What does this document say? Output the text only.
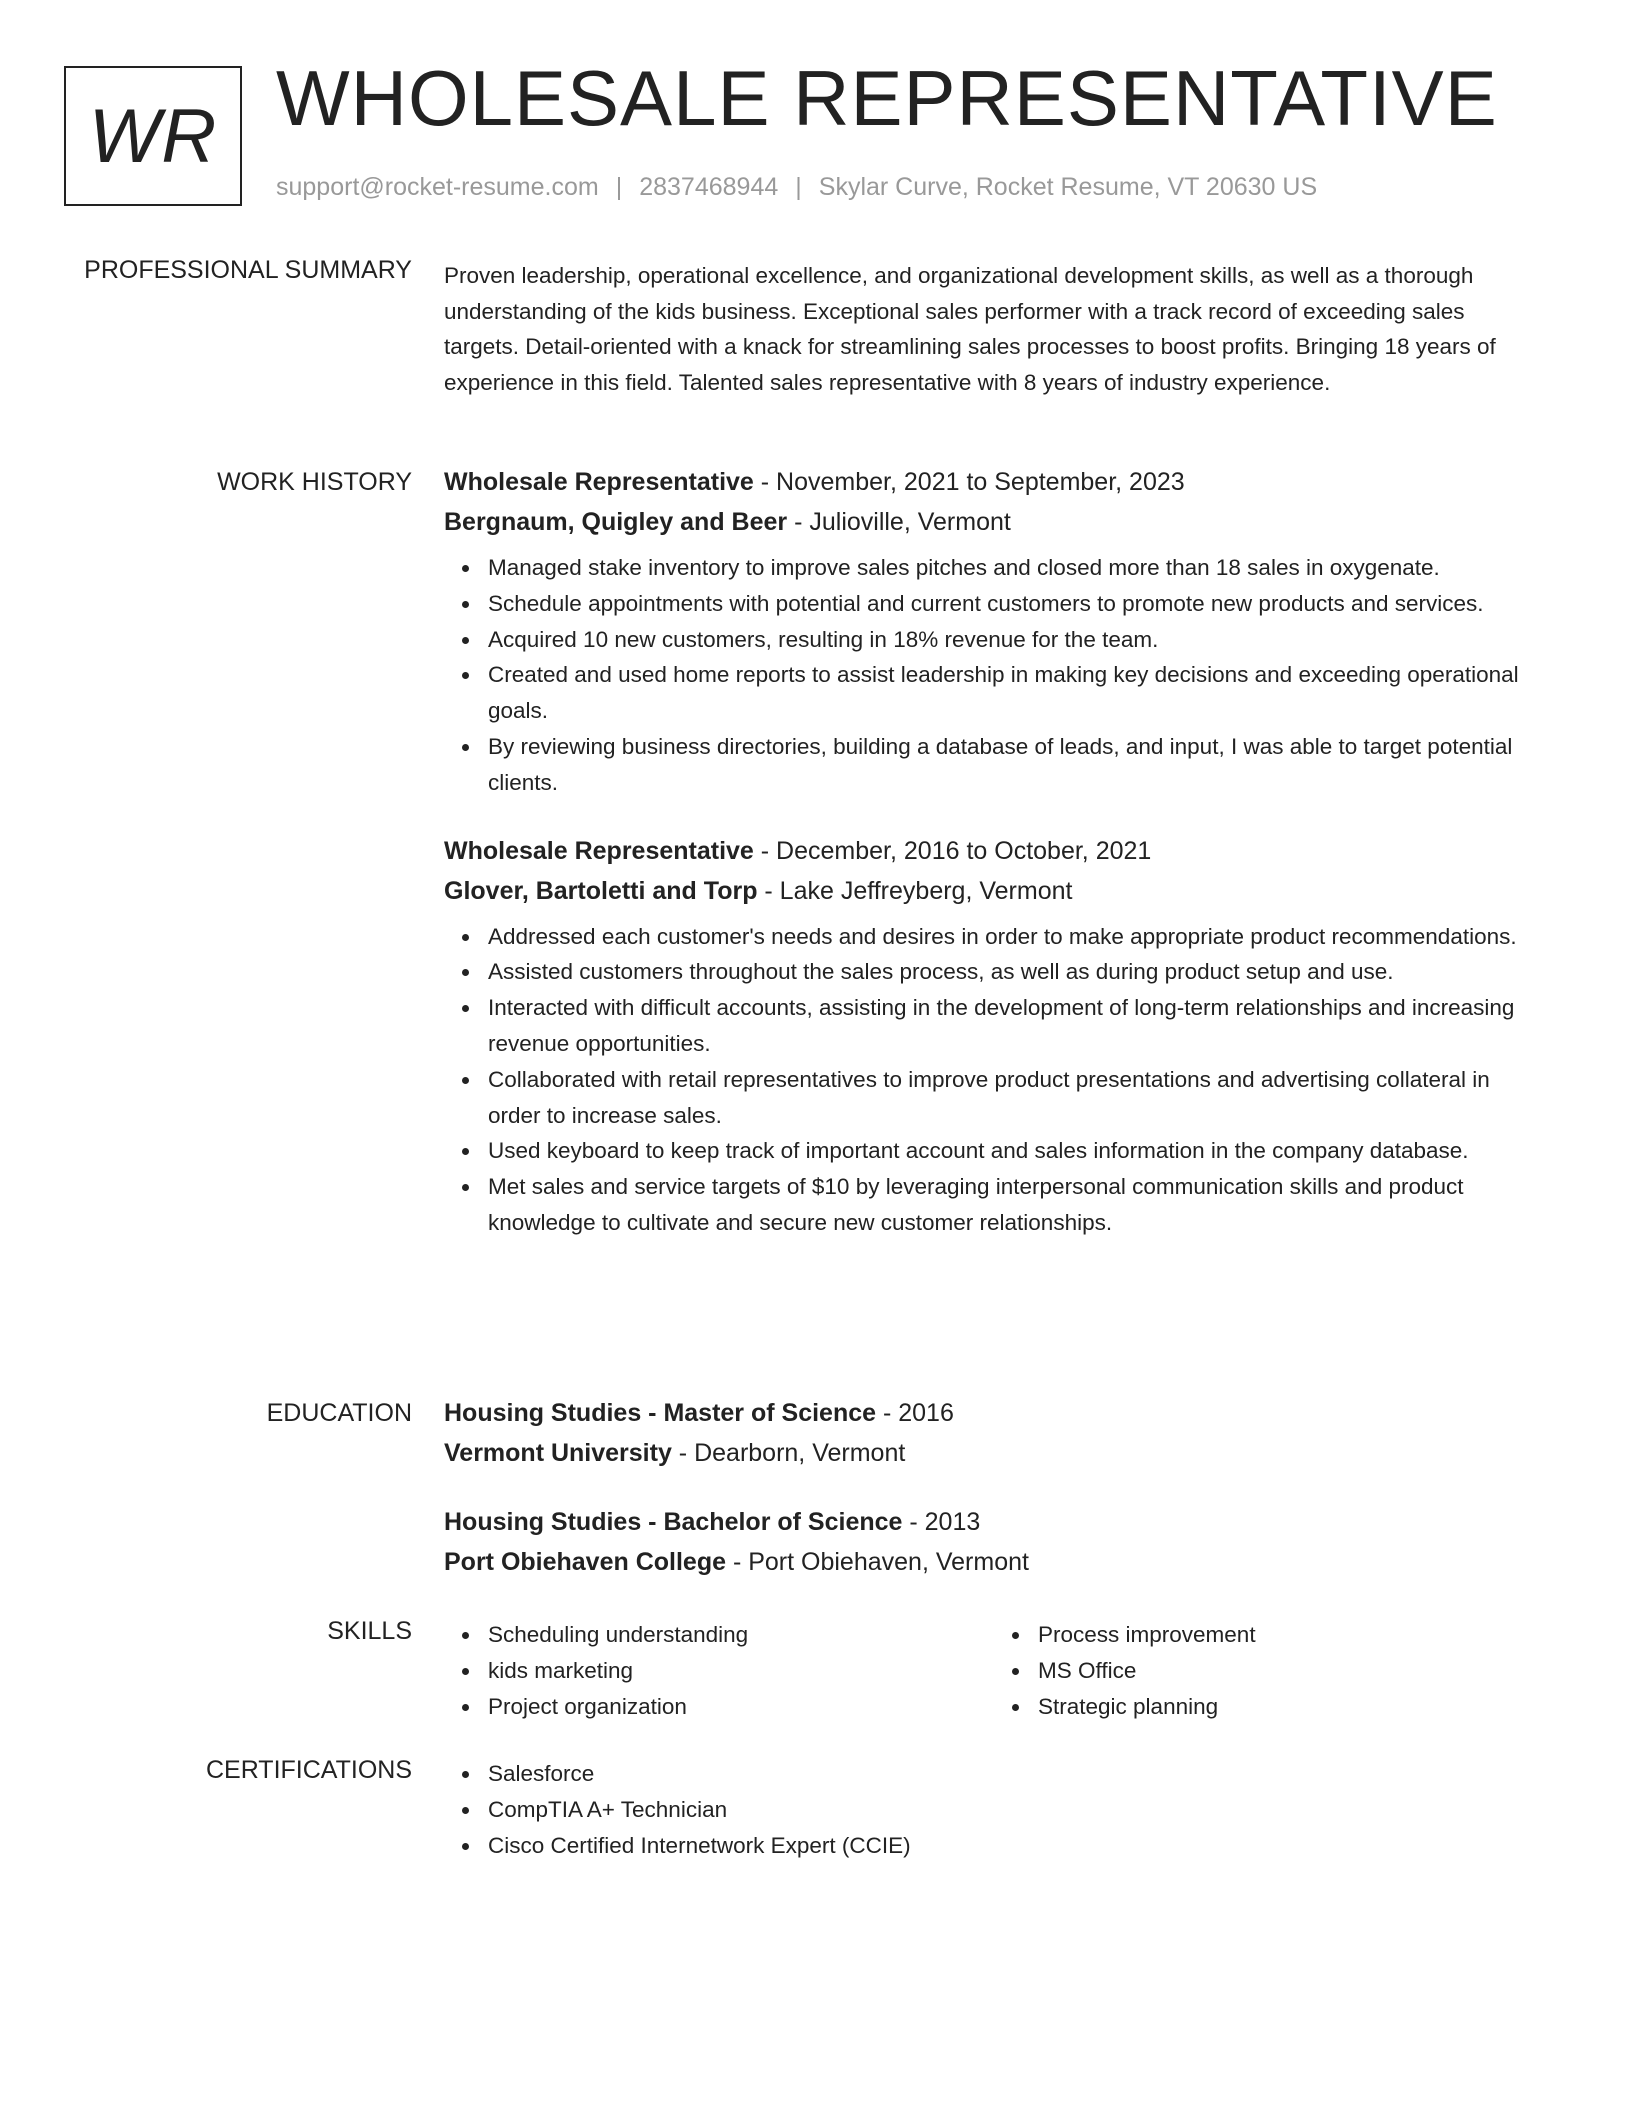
WR WHOLESALE REPRESENTATIVE
support@rocket-resume.com | 2837468944 | Skylar Curve, Rocket Resume, VT 20630 US
PROFESSIONAL SUMMARY Proven leadership, operational excellence, and organizational development skills, as well as a thorough understanding of the kids business. Exceptional sales performer with a track record of exceeding sales targets. Detail-oriented with a knack for streamlining sales processes to boost profits. Bringing 18 years of experience in this field. Talented sales representative with 8 years of industry experience.

WORK HISTORY Wholesale Representative - November, 2021 to September, 2023
Bergnaum, Quigley and Beer - Julioville, Vermont
Managed stake inventory to improve sales pitches and closed more than 18 sales in oxygenate.
Schedule appointments with potential and current customers to promote new products and services.
Acquired 10 new customers, resulting in 18% revenue for the team.
Created and used home reports to assist leadership in making key decisions and exceeding operational goals.
By reviewing business directories, building a database of leads, and input, I was able to target potential clients.
Wholesale Representative - December, 2016 to October, 2021
Glover, Bartoletti and Torp - Lake Jeffreyberg, Vermont
Addressed each customer's needs and desires in order to make appropriate product recommendations.
Assisted customers throughout the sales process, as well as during product setup and use.
Interacted with difficult accounts, assisting in the development of long-term relationships and increasing revenue opportunities.
Collaborated with retail representatives to improve product presentations and advertising collateral in order to increase sales.
Used keyboard to keep track of important account and sales information in the company database.
Met sales and service targets of $10 by leveraging interpersonal communication skills and product knowledge to cultivate and secure new customer relationships.
EDUCATION Housing Studies - Master of Science - 2016
Vermont University - Dearborn, Vermont
Housing Studies - Bachelor of Science - 2013
Port Obiehaven College - Port Obiehaven, Vermont
SKILLS	Scheduling understanding
kids marketing
Project organization
Process improvement
MS Office
Strategic planning
CERTIFICATIONS	Salesforce
CompTIA A+ Technician
Cisco Certified Internetwork Expert (CCIE)
